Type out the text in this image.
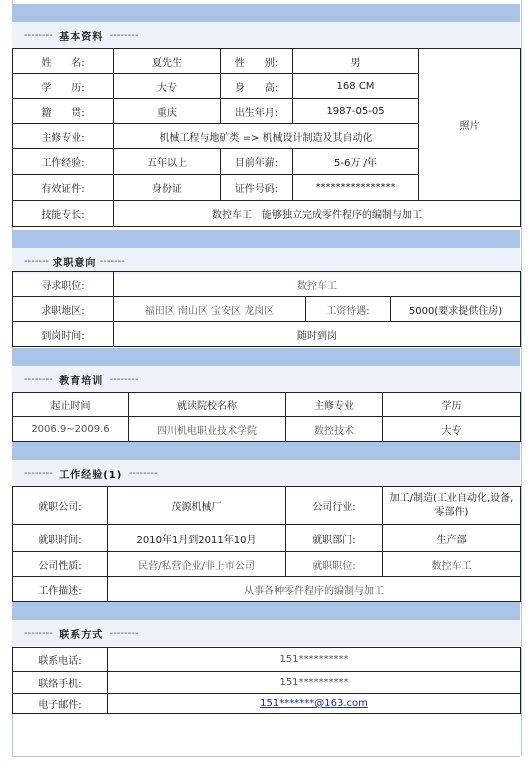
-------- 基本资料 --------
姓　　名:	夏先生	性　　别:	男	照片
学　　历:	大专	身　　高:	168 CM	
籍　　贯:	重庆	出生年月:	1987-05-05	
主修专业:	机械工程与地矿类 => 机械设计制造及其自动化			
工作经验:	五年以上	目前年薪:	5-6万 /年	
有效证件:	身份证	证件号码:	****************	
技能专长:	数控车工　能够独立完成零件程序的编制与加工			
------- 求职意向 -------
寻求职位:	数控车工		
求职地区:	福田区 南山区 宝安区 龙岗区	工资待遇:	5000(要求提供住房)
到岗时间:	随时到岗		
-------- 教育培训 --------
起止时间	就读院校名称	主修专业	学历
2006.9~2009.6	四川机电职业技术学院	数控技术	大专
-------- 工作经验(1) --------
就职公司:	茂源机械厂	公司行业:	加工/制造(工业自动化,设备,零部件)
就职时间:	2010年1月到2011年10月	就职部门:	生产部
公司性质:	民营/私营企业/非上市公司	就职职位:	数控车工
工作描述:	从事各种零件程序的编制与加工		
-------- 联系方式 --------
联系电话:	151**********
联络手机:	151**********
电子邮件:	151*******@163.com
